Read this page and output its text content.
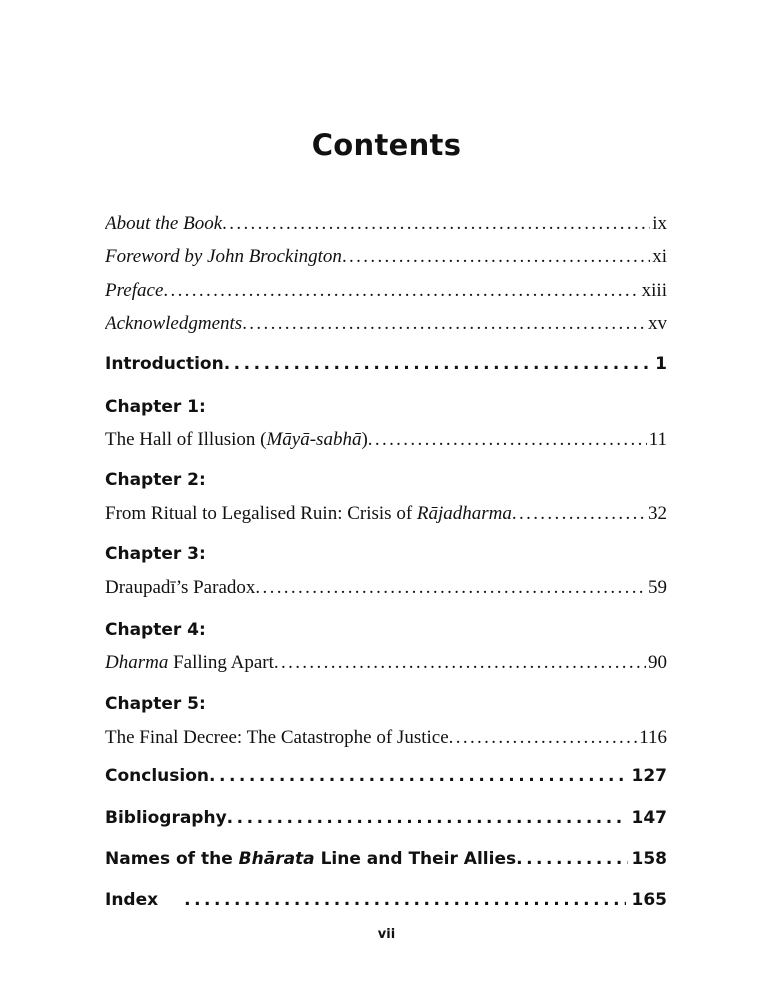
Contents
About the Book . . .	ix
Foreword by John Brockington . . .	xi
Preface . . .	xiii
Acknowledgments . . .	xv
Introduction . . .	1
Chapter 1:
The Hall of Illusion (Māyā-sabhā) . . .	11
Chapter 2:
From Ritual to Legalised Ruin: Crisis of Rājadharma . . .	32
Chapter 3:
Draupadī’s Paradox . . .	59
Chapter 4:
Dharma Falling Apart . . .	90
Chapter 5:
The Final Decree: The Catastrophe of Justice . . .	116
Conclusion . . .	127
Bibliography . . .	147
Names of the Bhārata Line and Their Allies . . .	158
Index . . .	165
vii
